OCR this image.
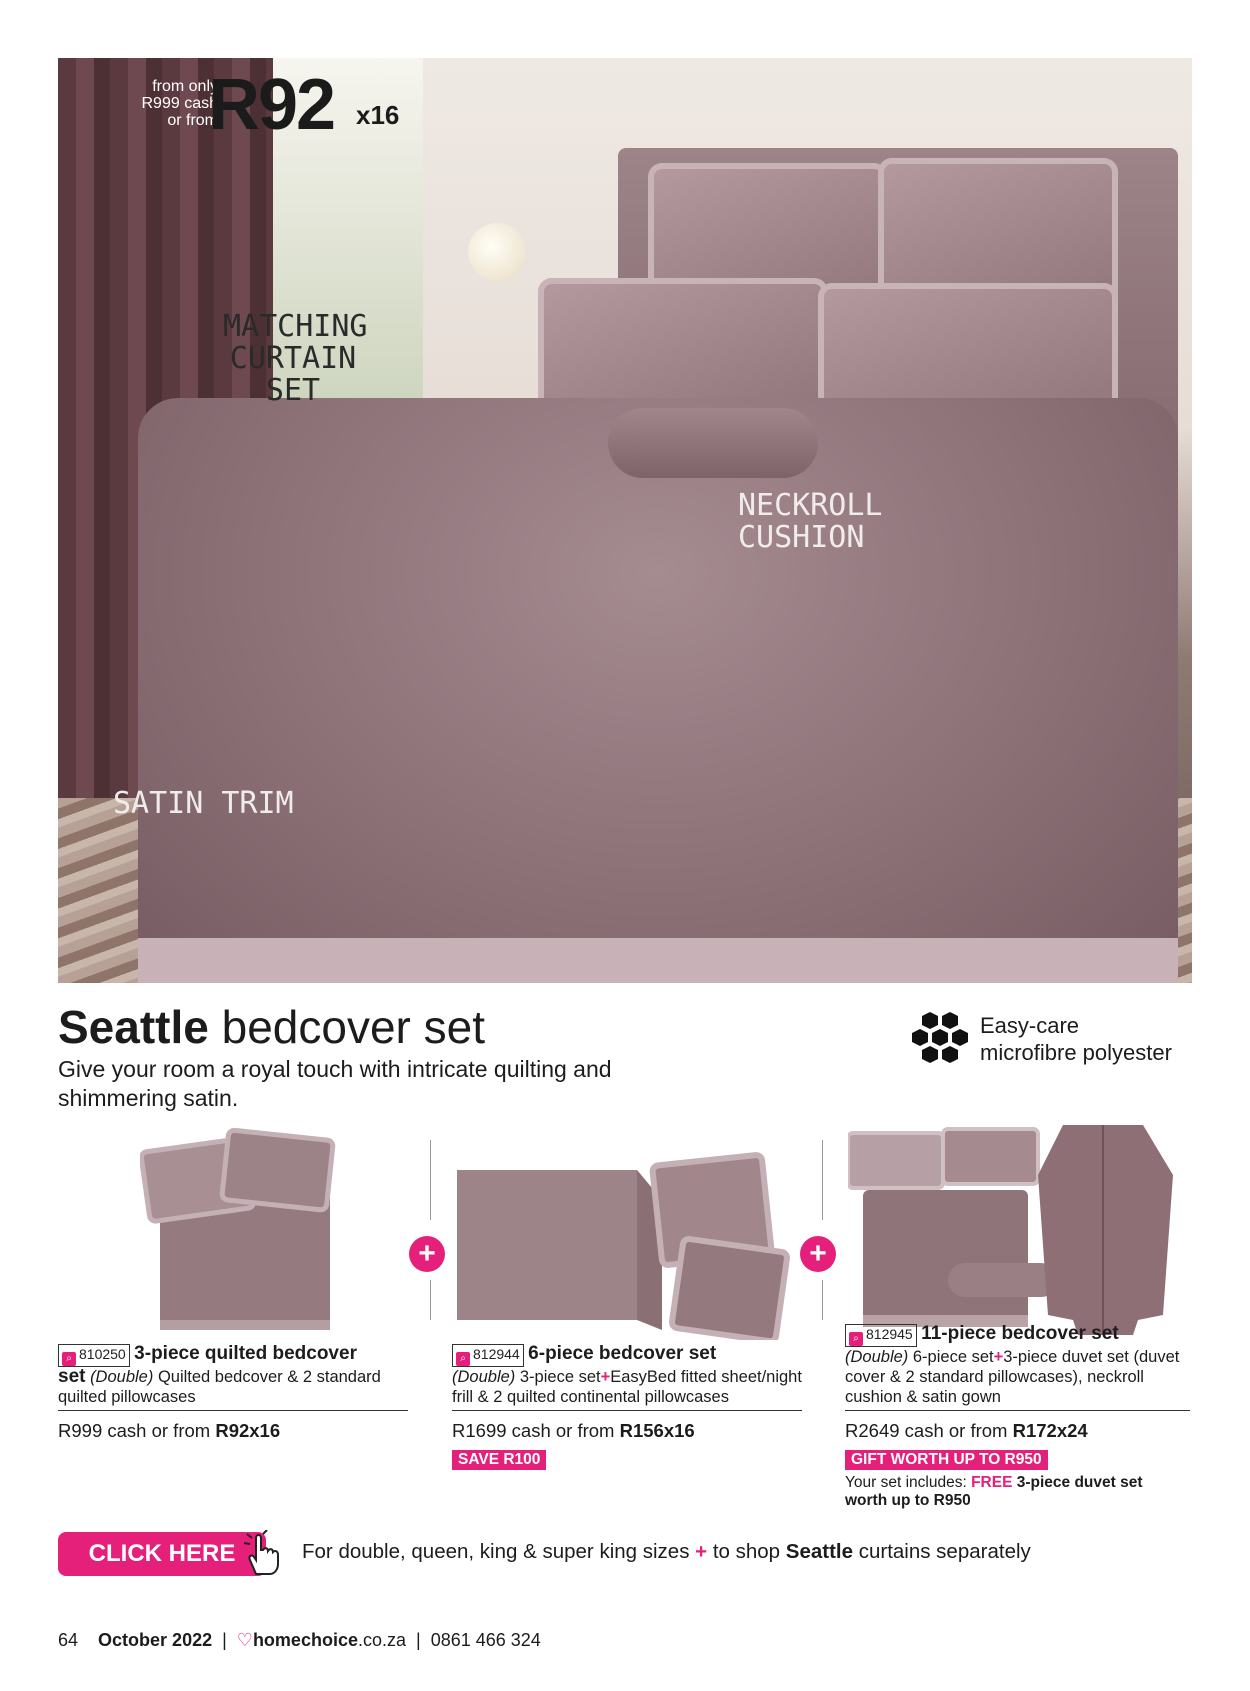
from only
R999 cash
or from
R92 x16
MATCHING CURTAIN SET
NECKROLL CUSHION
SATIN TRIM
Seattle bedcover set
Give your room a royal touch with intricate quilting and shimmering satin.
Easy-care
microfibre polyester
+	+
⌕ 810250 3-piece quilted bedcover
set (Double) Quilted bedcover & 2 standard quilted pillowcases
R999 cash or from R92x16
⌕ 812944 6-piece bedcover set
(Double) 3-piece set+EasyBed fitted sheet/night frill & 2 quilted continental pillowcases
R1699 cash or from R156x16
SAVE R100
⌕ 812945 11-piece bedcover set
(Double) 6-piece set+3-piece duvet set (duvet cover & 2 standard pillowcases), neckroll cushion & satin gown
R2649 cash or from R172x24
GIFT WORTH UP TO R950
Your set includes: FREE 3-piece duvet set worth up to R950
CLICK HERE	For double, queen, king & super king sizes + to shop Seattle curtains separately
64 October 2022  |  ♡homechoice.co.za  |  0861 466 324
